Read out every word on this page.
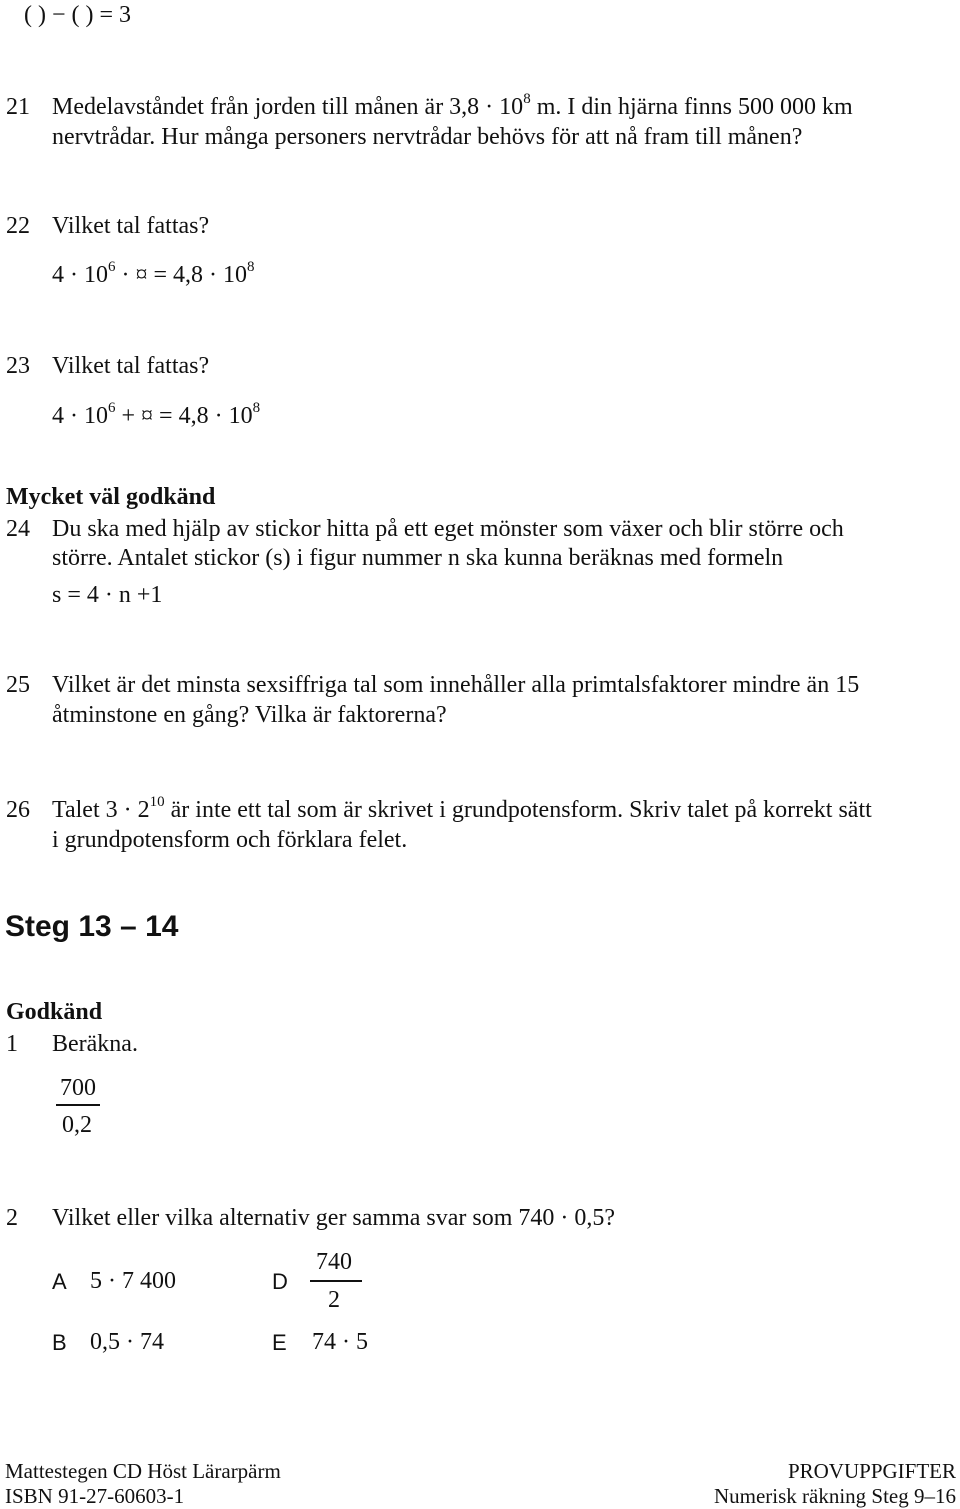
( ) − ( ) = 3
21 Medelavståndet från jorden till månen är $3,8 \cdot 10^8$ m. I din hjärna finns 500 000 km
nervtrådar. Hur många personers nervtrådar behövs för att nå fram till månen?
22 Vilket tal fattas?
$4 \cdot 10^6$ · ¤ = $4,8 \cdot 10^8$
23 Vilket tal fattas?
$4 \cdot 10^6$ + ¤ = $4,8 \cdot 10^8$
Mycket väl godkänd
24 Du ska med hjälp av stickor hitta på ett eget mönster som växer och blir större och
större. Antalet stickor (s) i figur nummer n ska kunna beräknas med formeln
s = 4 · n +1
25 Vilket är det minsta sexsiffriga tal som innehåller alla primtalsfaktorer mindre än 15
åtminstone en gång? Vilka är faktorerna?
26 Talet $3 \cdot 2^{10}$ är inte ett tal som är skrivet i grundpotensform. Skriv talet på korrekt sätt
i grundpotensform och förklara felet.
Steg 13 – 14
Godkänd
1 Beräkna.
700
0,2
2 Vilket eller vilka alternativ ger samma svar som 740 · 0,5?
A 5 · 7 400
B 0,5 · 74
D
740
2
E 74 · 5
Mattestegen CD Höst Lärarpärm
ISBN 91-27-60603-1
PROVUPPGIFTER
Numerisk räkning Steg 9–16
